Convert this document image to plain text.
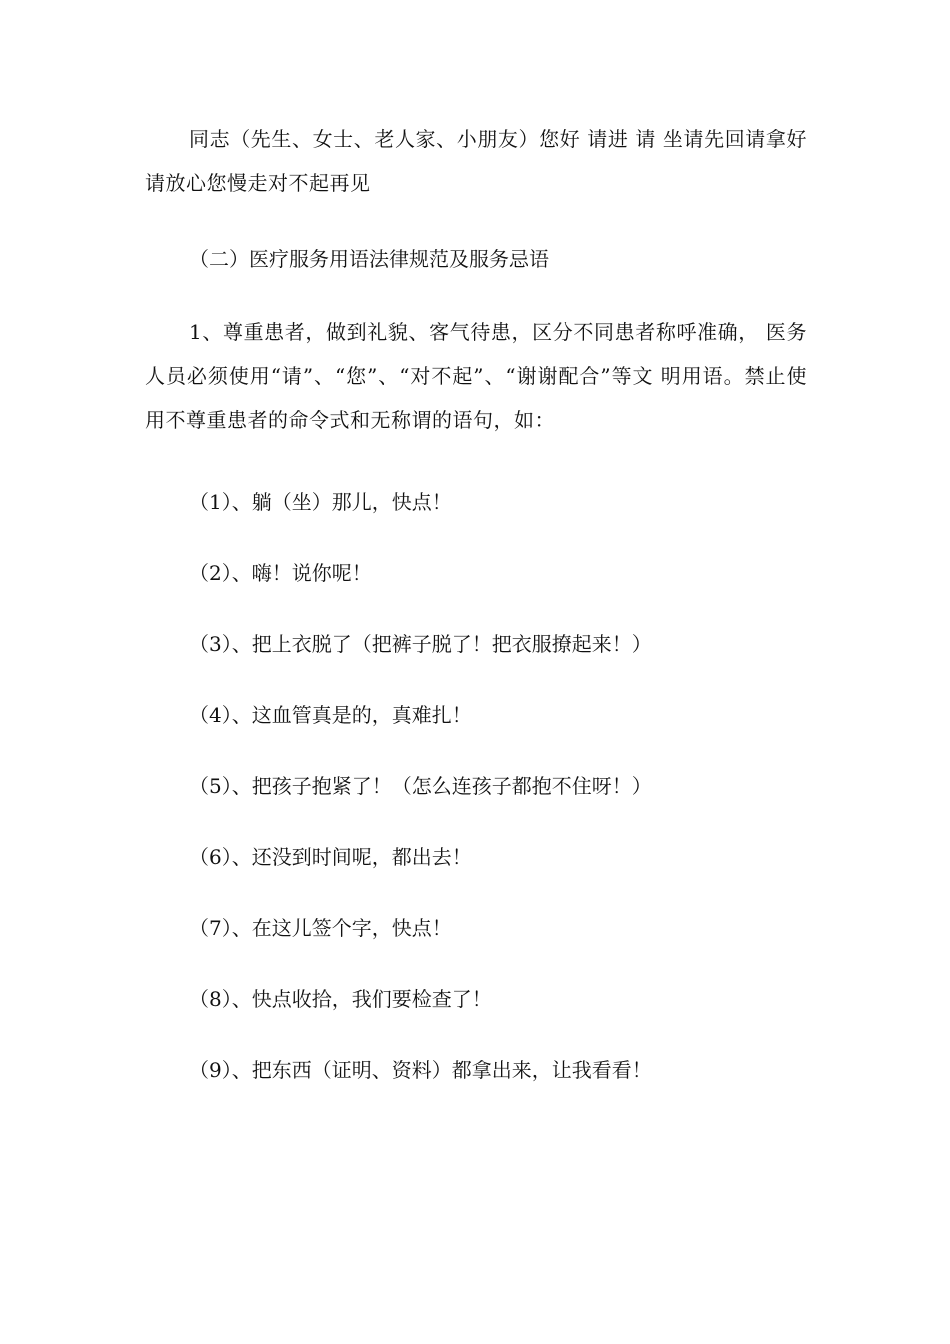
同志（先生、女士、老人家、小朋友）您好 请进 请 坐请先回请拿好请放心您慢走对不起再见

（二）医疗服务用语法律规范及服务忌语

1、尊重患者，做到礼貌、客气待患，区分不同患者称呼准确， 医务人员必须使用“请”、“您”、“对不起”、“谢谢配合”等文 明用语。禁止使用不尊重患者的命令式和无称谓的语句，如：

（1）、躺（坐）那儿，快点！

（2）、嗨！说你呢！

（3）、把上衣脱了（把裤子脱了！把衣服撩起来！）

（4）、这血管真是的，真难扎！

（5）、把孩子抱紧了！（怎么连孩子都抱不住呀！）

（6）、还没到时间呢，都出去！

（7）、在这儿签个字，快点！

（8）、快点收拾，我们要检查了！

（9）、把东西（证明、资料）都拿出来，让我看看！
